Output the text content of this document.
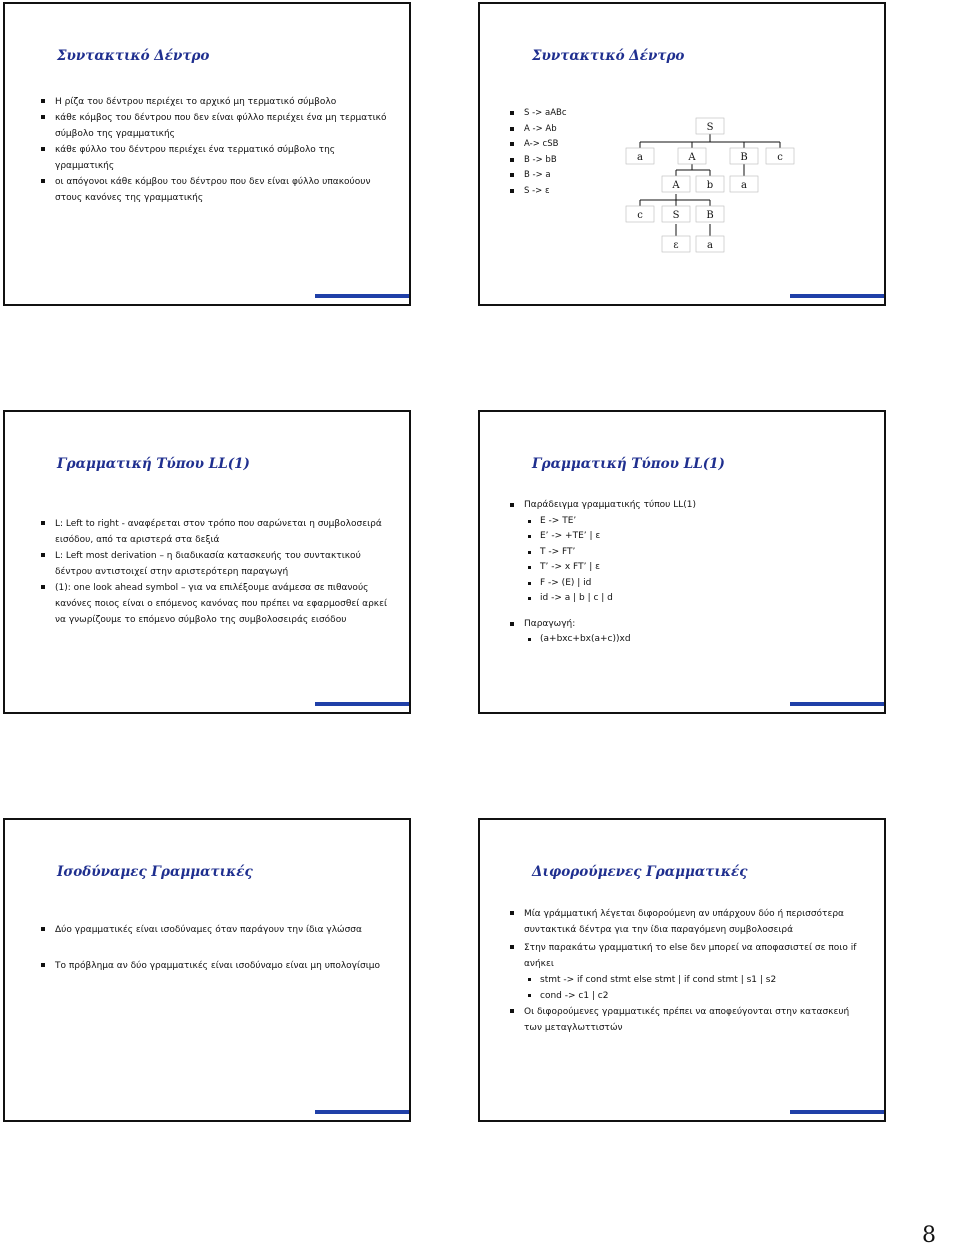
Συντακτικό Δέντρο
Η ρίζα του δέντρου περιέχει το αρχικό μη τερματικό σύμβολο
κάθε κόμβος του δέντρου που δεν είναι φύλλο περιέχει ένα μη τερματικό σύμβολο της γραμματικής
κάθε φύλλο του δέντρου περιέχει ένα τερματικό σύμβολο της γραμματικής
οι απόγονοι κάθε κόμβου του δέντρου που δεν είναι φύλλο υπακούουν στους κανόνες της γραμματικής
Συντακτικό Δέντρο
S -> aABc
A -> Ab
A-> cSB
B -> bB
B -> a
S -> ε
S
a	A	B	c
A	b	a
c	S	B
ε	a
Γραμματική Τύπου LL(1)
L: Left to right - αναφέρεται στον τρόπο που σαρώνεται η συμβολοσειρά εισόδου, από τα αριστερά στα δεξιά
L: Left most derivation – η διαδικασία κατασκευής του συντακτικού δέντρου αντιστοιχεί στην αριστερότερη παραγωγή
(1): one look ahead symbol – για να επιλέξουμε ανάμεσα σε πιθανούς κανόνες ποιος είναι ο επόμενος κανόνας που πρέπει να εφαρμοσθεί αρκεί να γνωρίζουμε το επόμενο σύμβολο της συμβολοσειράς εισόδου
Γραμματική Τύπου LL(1)
Παράδειγμα γραμματικής τύπου LL(1)
E -> TE’
E’ -> +TE’ | ε
T -> FT’
T’ -> x FT’ | ε
F -> (E) | id
id -> a | b | c | d
Παραγωγή:
(a+bxc+bx(a+c))xd
Ισοδύναμες Γραμματικές
Δύο γραμματικές είναι ισοδύναμες όταν παράγουν την ίδια γλώσσα
Το πρόβλημα αν δύο γραμματικές είναι ισοδύναμο είναι μη υπολογίσιμο
Διφορούμενες Γραμματικές
Μία γράμματική λέγεται διφορούμενη αν υπάρχουν δύο ή περισσότερα συντακτικά δέντρα για την ίδια παραγόμενη συμβολοσειρά
Στην παρακάτω γραμματική το else δεν μπορεί να αποφασιστεί σε ποιο if ανήκει
stmt -> if cond stmt else stmt | if cond stmt | s1 | s2
cond -> c1 | c2
Οι διφορούμενες γραμματικές πρέπει να αποφεύγονται στην κατασκευή των μεταγλωττιστών
8
